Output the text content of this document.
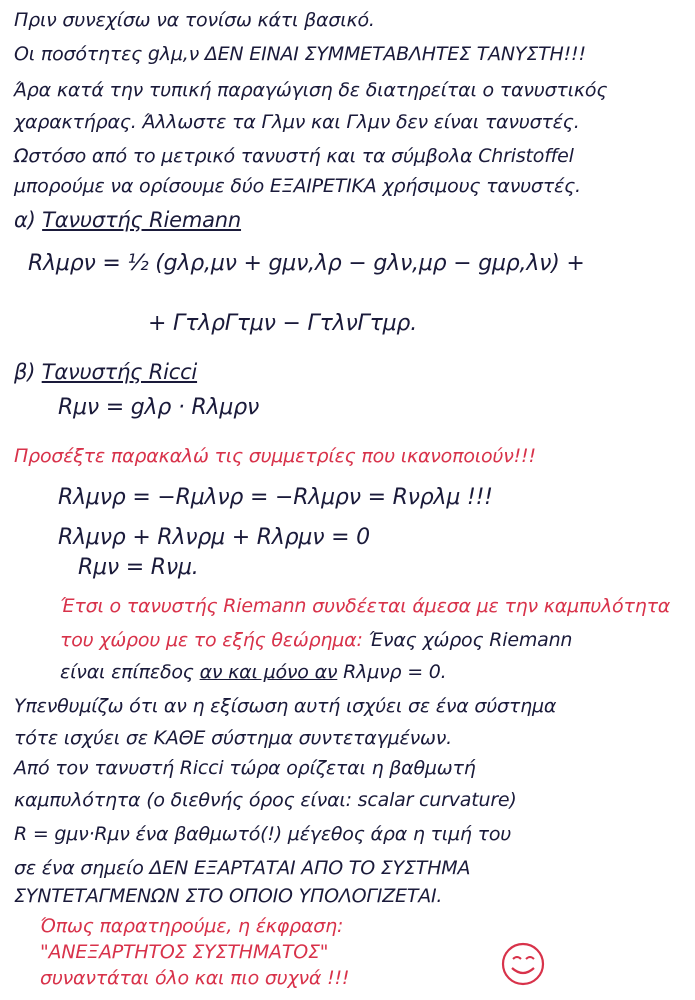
Πριν συνεχίσω να τονίσω κάτι βασικό.
Οι ποσότητες gλμ,ν ΔΕΝ ΕΙΝΑΙ ΣΥΜΜΕΤΑΒΛΗΤΕΣ ΤΑΝΥΣΤΗ!!!
Άρα κατά την τυπική παραγώγιση δε διατηρείται ο τανυστικός
χαρακτήρας. Άλλωστε τα Γλμν και Γλμν δεν είναι τανυστές.
Ωστόσο από το μετρικό τανυστή και τα σύμβολα Christoffel
μπορούμε να ορίσουμε δύο ΕΞΑΙΡΕΤΙΚΑ χρήσιμους τανυστές.
α) Τανυστής Riemann
Rλμρν = ½ (gλρ,μν + gμν,λρ − gλν,μρ − gμρ,λν) +
+ ΓτλρΓτμν − ΓτλνΓτμρ.
β) Τανυστής Ricci
Rμν = gλρ · Rλμρν
Προσέξτε παρακαλώ τις συμμετρίες που ικανοποιούν!!!
Rλμνρ = −Rμλνρ = −Rλμρν = Rνρλμ !!!
Rλμνρ + Rλνρμ + Rλρμν = 0
Rμν = Rνμ.
Έτσι ο τανυστής Riemann συνδέεται άμεσα με την καμπυλότητα
του χώρου με το εξής θεώρημα: Ένας χώρος Riemann
είναι επίπεδος αν και μόνο αν Rλμνρ = 0.
Υπενθυμίζω ότι αν η εξίσωση αυτή ισχύει σε ένα σύστημα
τότε ισχύει σε ΚΑΘΕ σύστημα συντεταγμένων.
Από τον τανυστή Ricci τώρα ορίζεται η βαθμωτή
καμπυλότητα (ο διεθνής όρος είναι: scalar curvature)
R = gμν·Rμν ένα βαθμωτό(!) μέγεθος άρα η τιμή του
σε ένα σημείο ΔΕΝ ΕΞΑΡΤΑΤΑΙ ΑΠΟ ΤΟ ΣΥΣΤΗΜΑ
ΣΥΝΤΕΤΑΓΜΕΝΩΝ ΣΤΟ ΟΠΟΙΟ ΥΠΟΛΟΓΙΖΕΤΑΙ.
Όπως παρατηρούμε, η έκφραση:
"ΑΝΕΞΑΡΤΗΤΟΣ ΣΥΣΤΗΜΑΤΟΣ"
συναντάται όλο και πιο συχνά !!!
